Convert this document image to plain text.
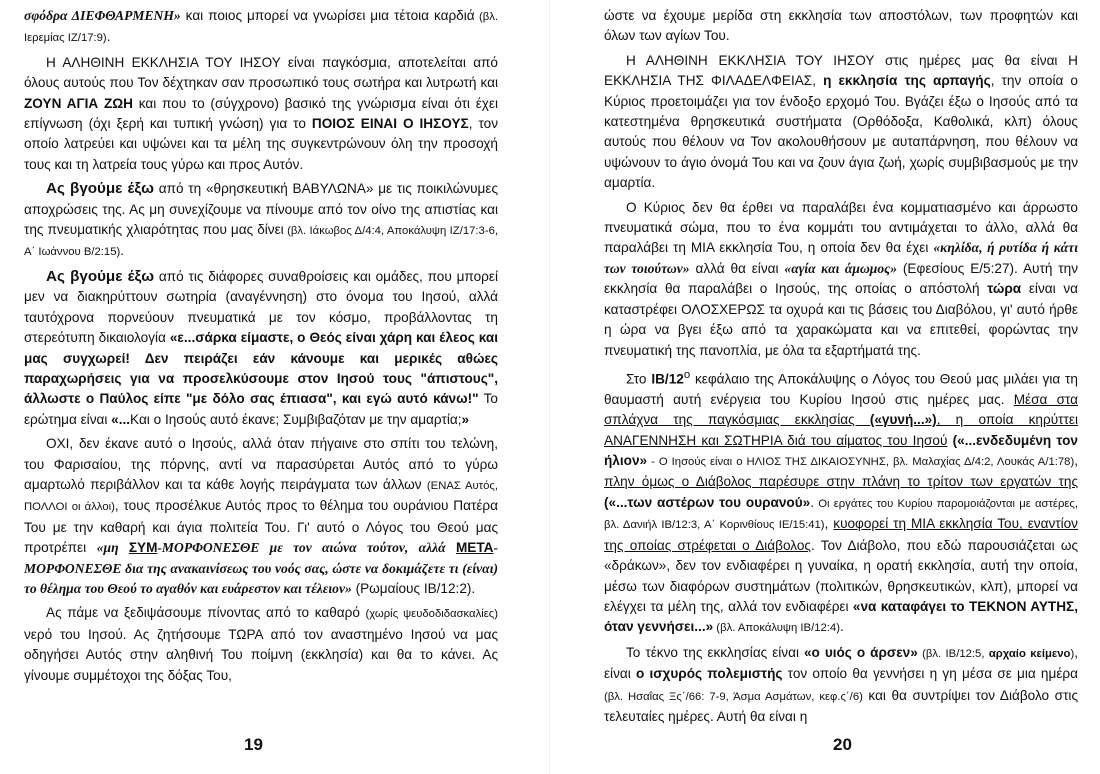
σφόδρα ΔΙΕΦΘΑΡΜΕΝΗ» και ποιος μπορεί να γνωρίσει μια τέτοια καρδιά (βλ. Ιερεμίας ΙΖ/17:9).

Η ΑΛΗΘΙΝΗ ΕΚΚΛΗΣΙΑ ΤΟΥ ΙΗΣΟΥ είναι παγκόσμια, αποτελείται από όλους αυτούς που Τον δέχτηκαν σαν προσωπικό τους σωτήρα και λυτρωτή και ΖΟΥΝ ΑΓΙΑ ΖΩΗ και που το (σύγχρονο) βασικό της γνώρισμα είναι ότι έχει επίγνωση (όχι ξερή και τυπική γνώση) για το ΠΟΙΟΣ ΕΙΝΑΙ Ο ΙΗΣΟΥΣ, τον οποίο λατρεύει και υψώνει και τα μέλη της συγκεντρώνουν όλη την προσοχή τους και τη λατρεία τους γύρω και προς Αυτόν.

Ας βγούμε έξω από τη «θρησκευτική ΒΑΒΥΛΩΝΑ» με τις ποικιλώνυμες αποχρώσεις της. Ας μη συνεχίζουμε να πίνουμε από τον οίνο της απιστίας και της πνευματικής χλιαρότητας που μας δίνει (βλ. Ιάκωβος Δ/4:4, Αποκάλυψη ΙΖ/17:3-6, Α΄ Ιωάννου Β/2:15).

Ας βγούμε έξω από τις διάφορες συναθροίσεις και ομάδες, που μπορεί μεν να διακηρύττουν σωτηρία (αναγέννηση) στο όνομα του Ιησού, αλλά ταυτόχρονα πορνεύουν πνευματικά με τον κόσμο, προβάλλοντας τη στερεότυπη δικαιολογία «ε...σάρκα είμαστε, ο Θεός είναι χάρη και έλεος και μας συγχωρεί! Δεν πειράζει εάν κάνουμε και μερικές αθώες παραχωρήσεις για να προσελκύσουμε στον Ιησού τους "άπιστους", άλλωστε ο Παύλος είπε "με δόλο σας έπιασα", και εγώ αυτό κάνω!" Το ερώτημα είναι «...Και ο Ιησούς αυτό έκανε; Συμβιβαζόταν με την αμαρτία;»

ΟΧΙ, δεν έκανε αυτό ο Ιησούς, αλλά όταν πήγαινε στο σπίτι του τελώνη, του Φαρισαίου, της πόρνης, αντί να παρασύρεται Αυτός από το γύρω αμαρτωλό περιβάλλον και τα κάθε λογής πειράγματα των άλλων (ΕΝΑΣ Αυτός, ΠΟΛΛΟΙ οι άλλοι), τους προσέλκυε Αυτός προς το θέλημα του ουράνιου Πατέρα Του με την καθαρή και άγια πολιτεία Του. Γι' αυτό ο Λόγος του Θεού μας προτρέπει «μη ΣΥΜ-ΜΟΡΦΟΝΕΣΘΕ με τον αιώνα τούτον, αλλά ΜΕΤΑ-ΜΟΡΦΟΝΕΣΘΕ δια της ανακαινίσεως του νοός σας, ώστε να δοκιμάζετε τι (είναι) το θέλημα του Θεού το αγαθόν και ευάρεστον και τέλειον» (Ρωμαίους ΙΒ/12:2).

Ας πάμε να ξεδιψάσουμε πίνοντας από το καθαρό (χωρίς ψευδοδιδασκαλίες) νερό του Ιησού. Ας ζητήσουμε ΤΩΡΑ από τον αναστημένο Ιησού να μας οδηγήσει Αυτός στην αληθινή Του ποίμνη (εκκλησία) και θα το κάνει. Ας γίνουμε συμμέτοχοι της δόξας Του,

ώστε να έχουμε μερίδα στη εκκλησία των αποστόλων, των προφητών και όλων των αγίων Του.

Η ΑΛΗΘΙΝΗ ΕΚΚΛΗΣΙΑ ΤΟΥ ΙΗΣΟΥ στις ημέρες μας θα είναι Η ΕΚΚΛΗΣΙΑ ΤΗΣ ΦΙΛΑΔΕΛΦΕΙΑΣ, η εκκλησία της αρπαγής, την οποία ο Κύριος προετοιμάζει για τον ένδοξο ερχομό Του. Βγάζει έξω ο Ιησούς από τα κατεστημένα θρησκευτικά συστήματα (Ορθόδοξα, Καθολικά, κλπ) όλους αυτούς που θέλουν να Τον ακολουθήσουν με αυταπάρνηση, που θέλουν να υψώνουν το άγιο όνομά Του και να ζουν άγια ζωή, χωρίς συμβιβασμούς με την αμαρτία.

Ο Κύριος δεν θα έρθει να παραλάβει ένα κομματιασμένο και άρρωστο πνευματικά σώμα, που το ένα κομμάτι του αντιμάχεται το άλλο, αλλά θα παραλάβει τη ΜΙΑ εκκλησία Του, η οποία δεν θα έχει «κηλίδα, ή ρυτίδα ή κάτι των τοιούτων» αλλά θα είναι «αγία και άμωμος» (Εφεσίους Ε/5:27). Αυτή την εκκλησία θα παραλάβει ο Ιησούς, της οποίας ο απόστολή τώρα είναι να καταστρέφει ΟΛΟΣΧΕΡΩΣ τα οχυρά και τις βάσεις του Διαβόλου, γι' αυτό ήρθε η ώρα να βγει έξω από τα χαρακώματα και να επιτεθεί, φορώντας την πνευματική της πανοπλία, με όλα τα εξαρτήματά της.

Στο $IB/12^o$ κεφάλαιο της Αποκάλυψης ο Λόγος του Θεού μας μιλάει για τη θαυμαστή αυτή ενέργεια του Κυρίου Ιησού στις ημέρες μας. Μέσα στα σπλάχνα της παγκόσμιας εκκλησίας («γυνή...»), η οποία κηρύττει ΑΝΑΓΕΝΝΗΣΗ και ΣΩΤΗΡΙΑ διά του αίματος του Ιησού («...ενδεδυμένη τον ήλιον» - Ο Ιησούς είναι ο ΗΛΙΟΣ ΤΗΣ ΔΙΚΑΙΟΣΥΝΗΣ, βλ. Μαλαχίας Δ/4:2, Λουκάς Α/1:78), πλην όμως ο Διάβολος παρέσυρε στην πλάνη το τρίτον των εργατών της («...των αστέρων του ουρανού». Οι εργάτες του Κυρίου παρομοιάζονται με αστέρες, βλ. Δανιήλ ΙΒ/12:3, Α΄ Κορινθίους ΙΕ/15:41), κυοφορεί τη ΜΙΑ εκκλησία Του, εναντίον της οποίας στρέφεται ο Διάβολος. Τον Διάβολο, που εδώ παρουσιάζεται ως «δράκων», δεν τον ενδιαφέρει η γυναίκα, η ορατή εκκλησία, αυτή την οποία, μέσω των διαφόρων συστημάτων (πολιτικών, θρησκευτικών, κλπ), μπορεί να ελέγχει τα μέλη της, αλλά τον ενδιαφέρει «να καταφάγει το ΤΕΚΝΟΝ ΑΥΤΗΣ, όταν γεννήσει...» (βλ. Αποκάλυψη ΙΒ/12:4).

Το τέκνο της εκκλησίας είναι «ο υιός ο άρσεν» (βλ. ΙΒ/12:5, αρχαίο κείμενο), είναι ο ισχυρός πολεμιστής τον οποίο θα γεννήσει η γη μέσα σε μια ημέρα (βλ. Ησαΐας Ξς΄/66: 7-9, Άσμα Ασμάτων, κεφ.ς΄/6) και θα συντρίψει τον Διάβολο στις τελευταίες ημέρες. Αυτή θα είναι η

19	20
